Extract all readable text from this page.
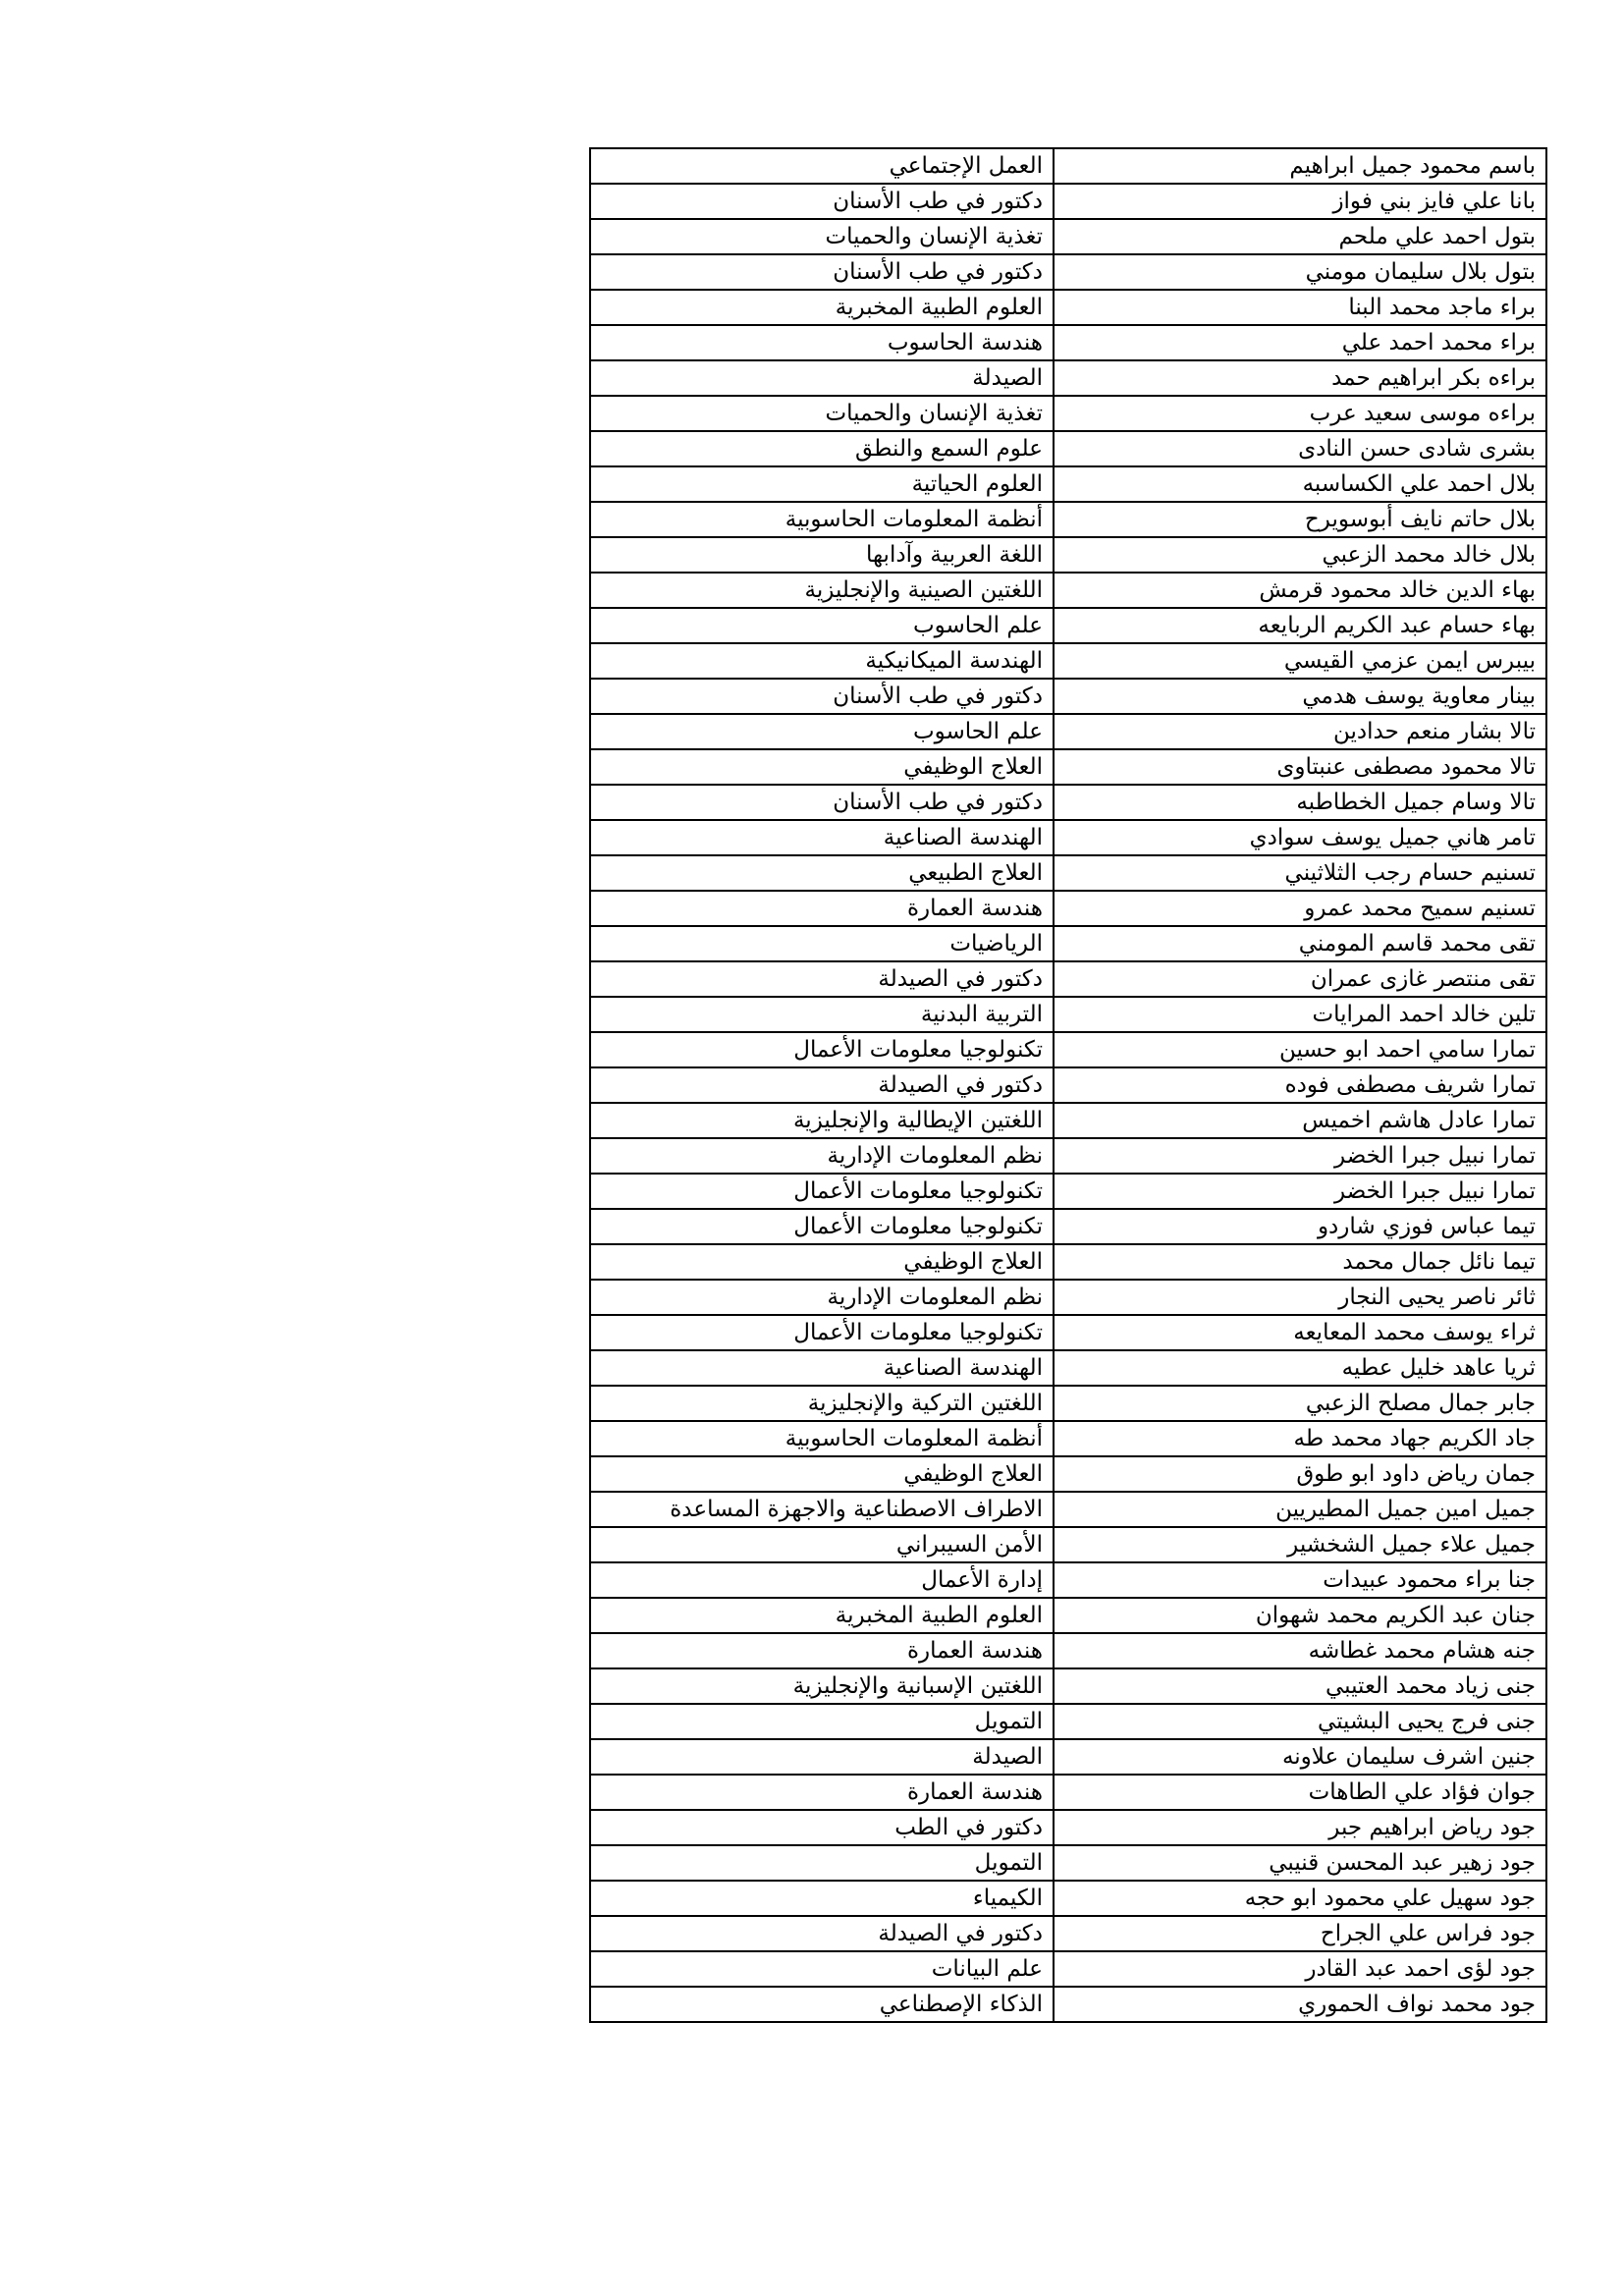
باسم محمود جميل ابراهيم	العمل الإجتماعي
بانا علي فايز بني فواز	دكتور في طب الأسنان
بتول احمد علي ملحم	تغذية الإنسان والحميات
بتول بلال سليمان مومني	دكتور في طب الأسنان
براء ماجد محمد البنا	العلوم الطبية المخبرية
براء محمد احمد علي	هندسة الحاسوب
براءه بكر ابراهيم حمد	الصيدلة
براءه موسى سعيد عرب	تغذية الإنسان والحميات
بشرى شادى حسن النادى	علوم السمع والنطق
بلال احمد علي الكساسبه	العلوم الحياتية
بلال حاتم نايف أبوسويرح	أنظمة المعلومات الحاسوبية
بلال خالد محمد الزعبي	اللغة العربية وآدابها
بهاء الدين خالد محمود قرمش	اللغتين الصينية والإنجليزية
بهاء حسام عبد الكريم الربايعه	علم الحاسوب
بيبرس ايمن عزمي القيسي	الهندسة الميكانيكية
بينار معاوية يوسف هدمي	دكتور في طب الأسنان
تالا بشار منعم حدادين	علم الحاسوب
تالا محمود مصطفى عنبتاوى	العلاج الوظيفي
تالا وسام جميل الخطاطبه	دكتور في طب الأسنان
تامر هاني جميل يوسف سوادي	الهندسة الصناعية
تسنيم حسام رجب الثلاثيني	العلاج الطبيعي
تسنيم سميح محمد عمرو	هندسة العمارة
تقى محمد قاسم المومني	الرياضيات
تقى منتصر غازى عمران	دكتور في الصيدلة
تلين خالد احمد المرايات	التربية البدنية
تمارا سامي احمد ابو حسين	تكنولوجيا معلومات الأعمال
تمارا شريف مصطفى فوده	دكتور في الصيدلة
تمارا عادل هاشم اخميس	اللغتين الإيطالية والإنجليزية
تمارا نبيل جبرا الخضر	نظم المعلومات الإدارية
تمارا نبيل جبرا الخضر	تكنولوجيا معلومات الأعمال
تيما عباس فوزي شاردو	تكنولوجيا معلومات الأعمال
تيما نائل جمال محمد	العلاج الوظيفي
ثائر ناصر يحيى النجار	نظم المعلومات الإدارية
ثراء يوسف محمد المعايعه	تكنولوجيا معلومات الأعمال
ثريا عاهد خليل عطيه	الهندسة الصناعية
جابر جمال مصلح الزعبي	اللغتين التركية والإنجليزية
جاد الكريم جهاد محمد طه	أنظمة المعلومات الحاسوبية
جمان رياض داود ابو طوق	العلاج الوظيفي
جميل امين جميل المطيريين	الاطراف الاصطناعية والاجهزة المساعدة
جميل علاء جميل الشخشير	الأمن السيبراني
جنا براء محمود عبيدات	إدارة الأعمال
جنان عبد الكريم محمد شهوان	العلوم الطبية المخبرية
جنه هشام محمد غطاشه	هندسة العمارة
جنى زياد محمد العتيبي	اللغتين الإسبانية والإنجليزية
جنى فرج يحيى البشيتي	التمويل
جنين اشرف سليمان علاونه	الصيدلة
جوان فؤاد علي الطاهات	هندسة العمارة
جود رياض ابراهيم جبر	دكتور في الطب
جود زهير عبد المحسن قنيبي	التمويل
جود سهيل علي محمود ابو حجه	الكيمياء
جود فراس علي الجراح	دكتور في الصيدلة
جود لؤى احمد عبد القادر	علم البيانات
جود محمد نواف الحموري	الذكاء الإصطناعي
